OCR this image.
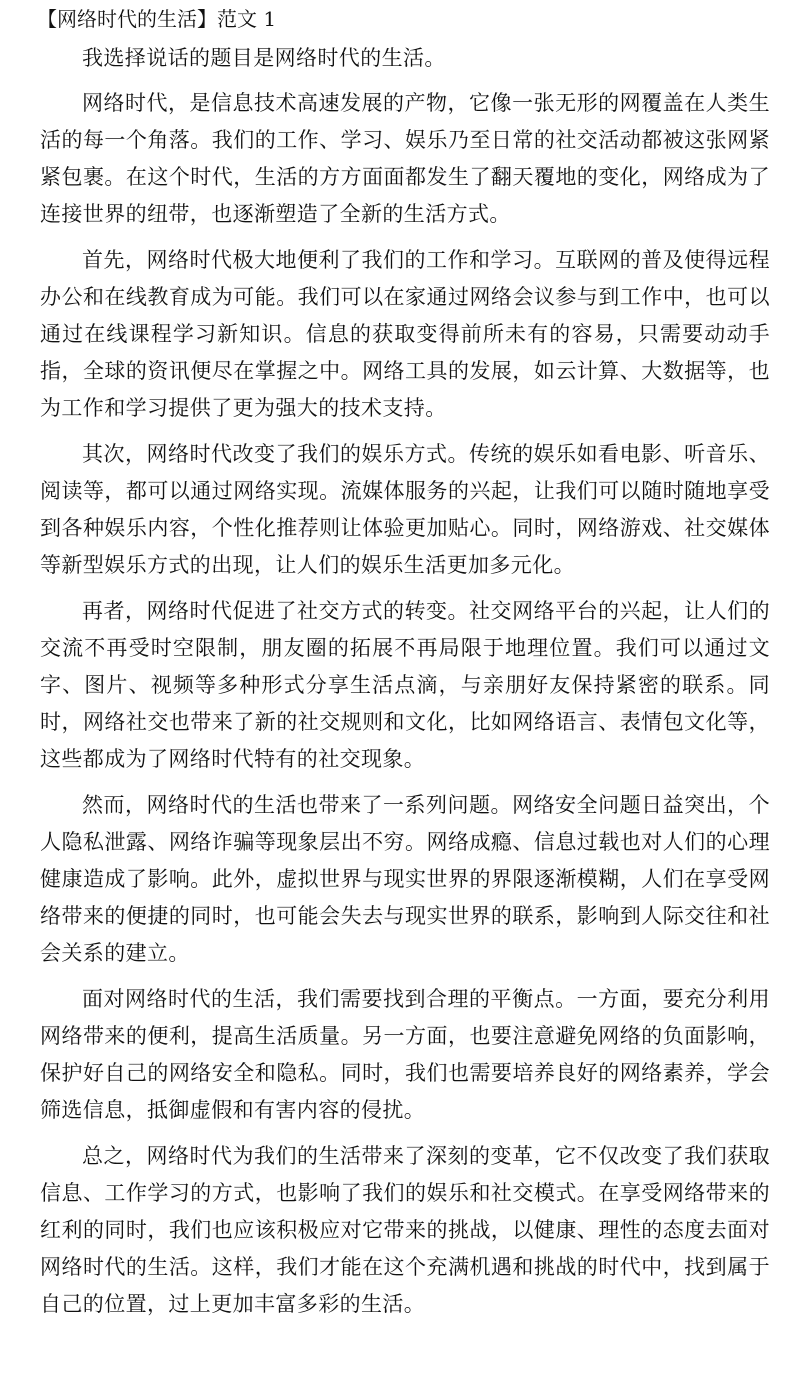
【网络时代的生活】范文 1

我选择说话的题目是网络时代的生活。

网络时代，是信息技术高速发展的产物，它像一张无形的网覆盖在人类生活的每一个角落。我们的工作、学习、娱乐乃至日常的社交活动都被这张网紧紧包裹。在这个时代，生活的方方面面都发生了翻天覆地的变化，网络成为了连接世界的纽带，也逐渐塑造了全新的生活方式。

首先，网络时代极大地便利了我们的工作和学习。互联网的普及使得远程办公和在线教育成为可能。我们可以在家通过网络会议参与到工作中，也可以通过在线课程学习新知识。信息的获取变得前所未有的容易，只需要动动手指，全球的资讯便尽在掌握之中。网络工具的发展，如云计算、大数据等，也为工作和学习提供了更为强大的技术支持。

其次，网络时代改变了我们的娱乐方式。传统的娱乐如看电影、听音乐、阅读等，都可以通过网络实现。流媒体服务的兴起，让我们可以随时随地享受到各种娱乐内容，个性化推荐则让体验更加贴心。同时，网络游戏、社交媒体等新型娱乐方式的出现，让人们的娱乐生活更加多元化。

再者，网络时代促进了社交方式的转变。社交网络平台的兴起，让人们的交流不再受时空限制，朋友圈的拓展不再局限于地理位置。我们可以通过文字、图片、视频等多种形式分享生活点滴，与亲朋好友保持紧密的联系。同时，网络社交也带来了新的社交规则和文化，比如网络语言、表情包文化等，这些都成为了网络时代特有的社交现象。

然而，网络时代的生活也带来了一系列问题。网络安全问题日益突出，个人隐私泄露、网络诈骗等现象层出不穷。网络成瘾、信息过载也对人们的心理健康造成了影响。此外，虚拟世界与现实世界的界限逐渐模糊，人们在享受网络带来的便捷的同时，也可能会失去与现实世界的联系，影响到人际交往和社会关系的建立。

面对网络时代的生活，我们需要找到合理的平衡点。一方面，要充分利用网络带来的便利，提高生活质量。另一方面，也要注意避免网络的负面影响，保护好自己的网络安全和隐私。同时，我们也需要培养良好的网络素养，学会筛选信息，抵御虚假和有害内容的侵扰。

总之，网络时代为我们的生活带来了深刻的变革，它不仅改变了我们获取信息、工作学习的方式，也影响了我们的娱乐和社交模式。在享受网络带来的红利的同时，我们也应该积极应对它带来的挑战，以健康、理性的态度去面对网络时代的生活。这样，我们才能在这个充满机遇和挑战的时代中，找到属于自己的位置，过上更加丰富多彩的生活。
